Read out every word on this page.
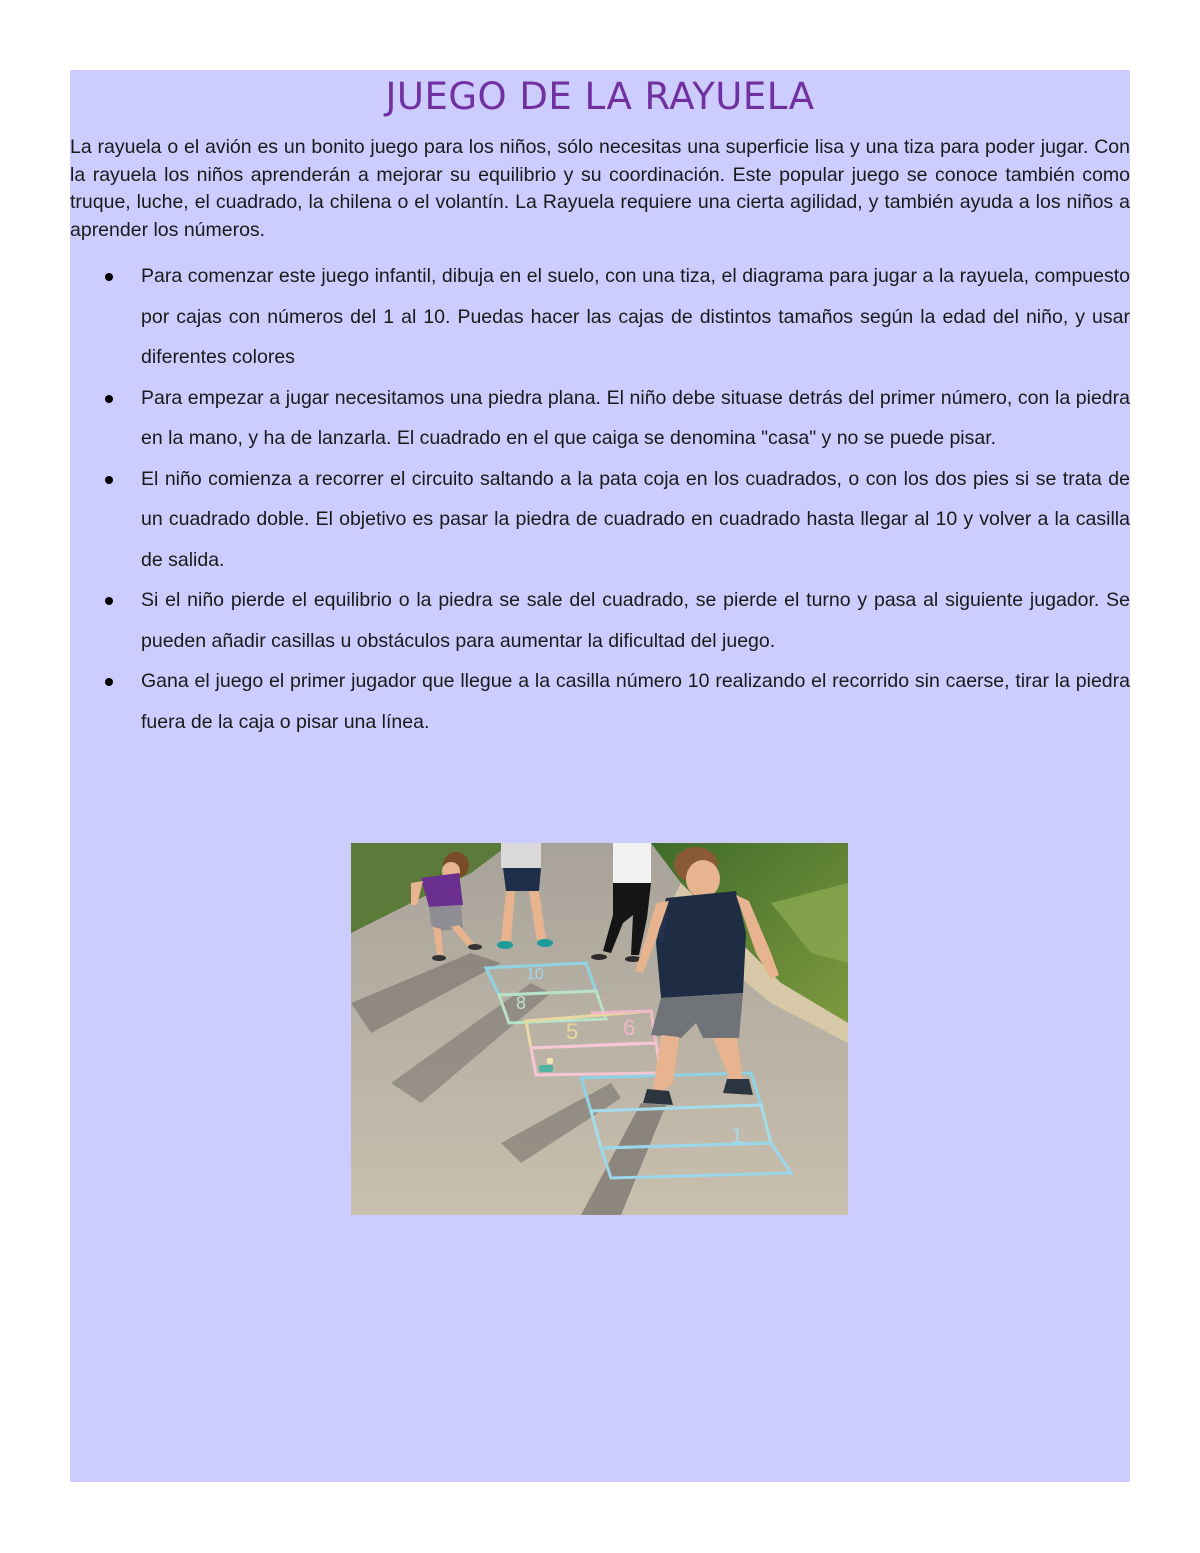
JUEGO DE LA RAYUELA

La rayuela o el avión es un bonito juego para los niños, sólo necesitas una superficie lisa y una tiza para poder jugar. Con la rayuela los niños aprenderán a mejorar su equilibrio y su coordinación. Este popular juego se conoce también como truque, luche, el cuadrado, la chilena o el volantín. La Rayuela requiere una cierta agilidad, y también ayuda a los niños a aprender los números.

Para comenzar este juego infantil, dibuja en el suelo, con una tiza, el diagrama para jugar a la rayuela, compuesto por cajas con números del 1 al 10. Puedas hacer las cajas de distintos tamaños según la edad del niño, y usar diferentes colores
Para empezar a jugar necesitamos una piedra plana. El niño debe situase detrás del primer número, con la piedra en la mano, y ha de lanzarla. El cuadrado en el que caiga se denomina "casa" y no se puede pisar.
El niño comienza a recorrer el circuito saltando a la pata coja en los cuadrados, o con los dos pies si se trata de un cuadrado doble. El objetivo es pasar la piedra de cuadrado en cuadrado hasta llegar al 10 y volver a la casilla de salida.
Si el niño pierde el equilibrio o la piedra se sale del cuadrado, se pierde el turno y pasa al siguiente jugador. Se pueden añadir casillas u obstáculos para aumentar la dificultad del juego.
Gana el juego el primer jugador que llegue a la casilla número 10 realizando el recorrido sin caerse, tirar la piedra fuera de la caja o pisar una línea.
10
8
5 6
1
